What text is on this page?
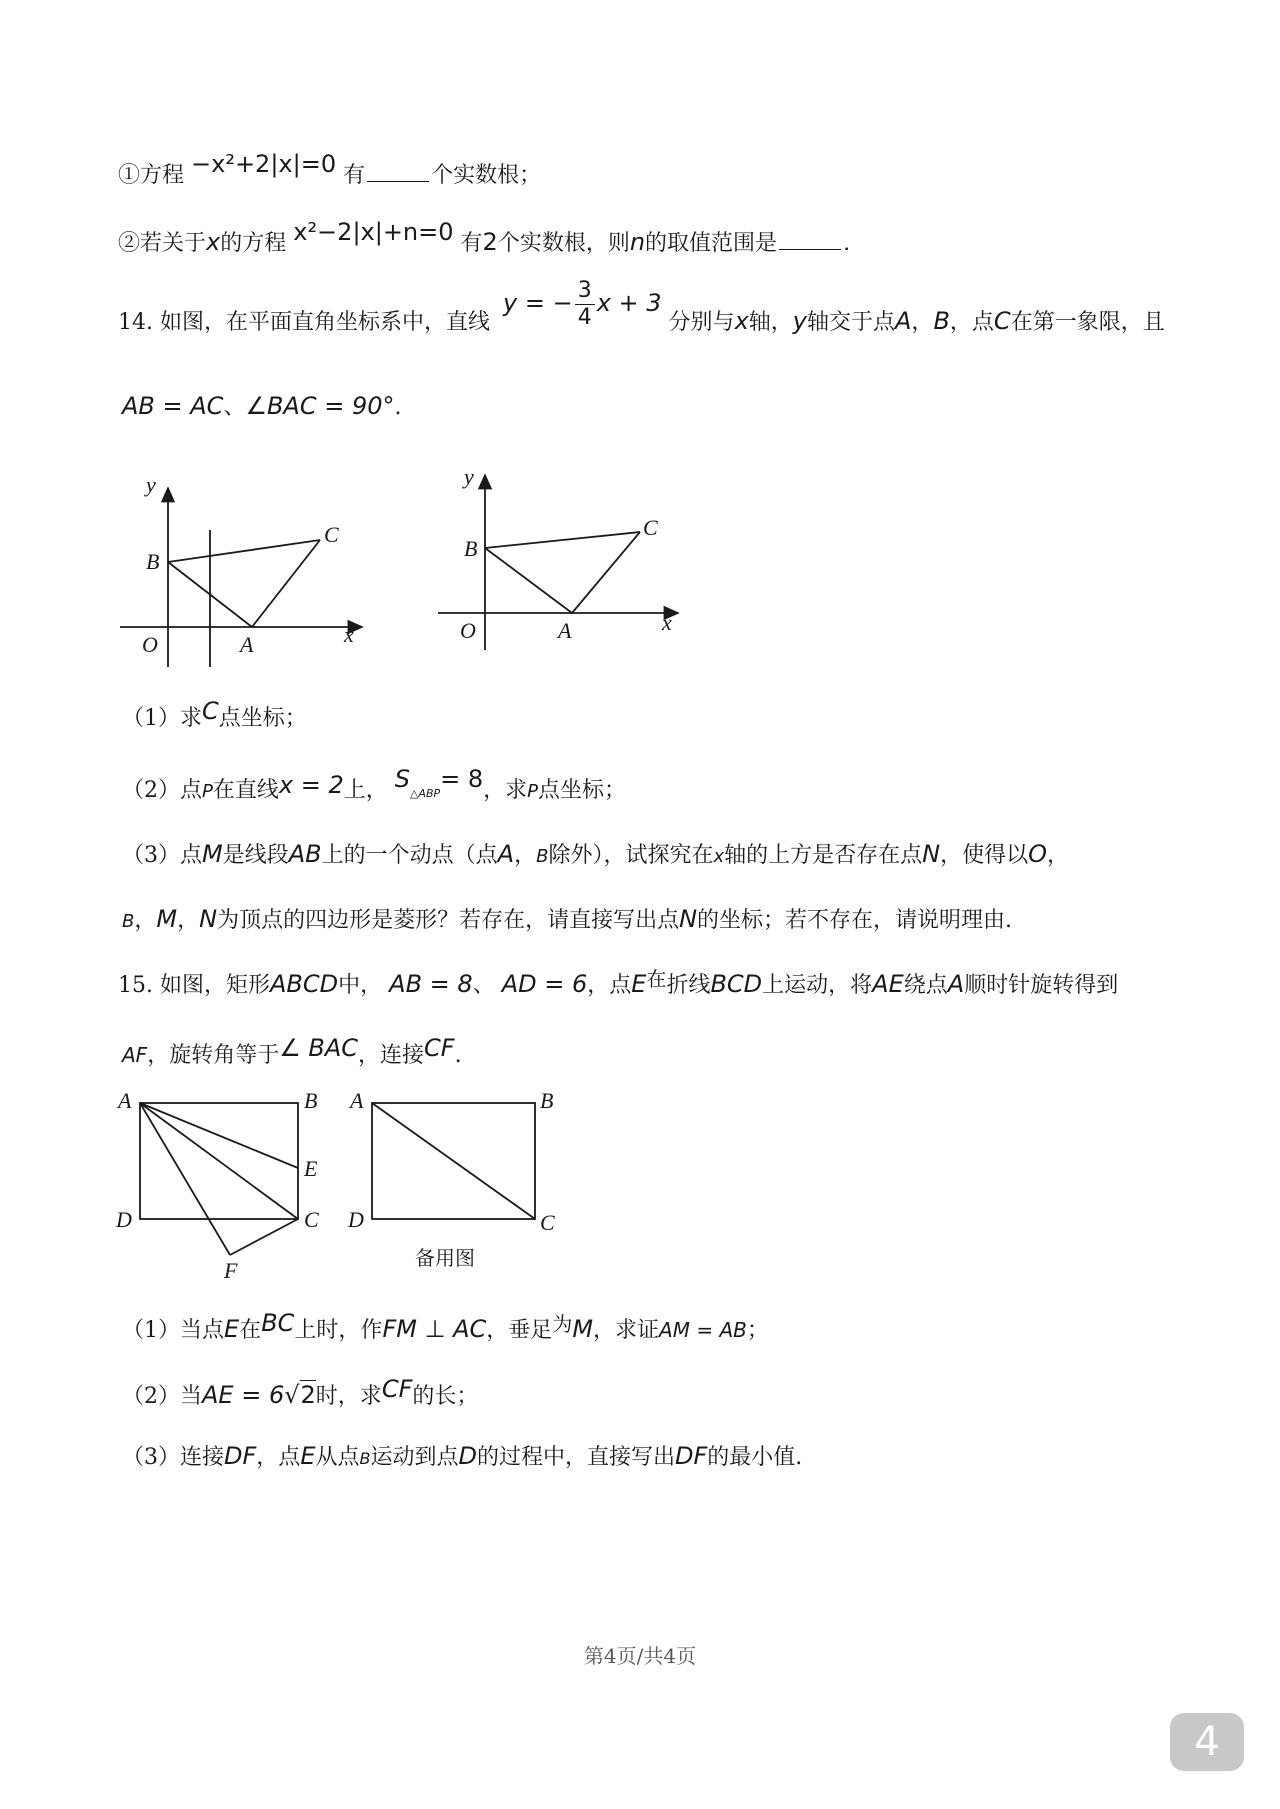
①方程 −x²+2|x|=0 有	个实数根；
②若关于x的方程 x²−2|x|+n=0 有2个实数根，则n的取值范围是	.
14. 如图，在平面直角坐标系中，直线 y = − $\frac{3}{4}$ x + 3 分别与x轴，y轴交于点A，B，点C在第一象限，且
AB = AC、∠BAC = 90°.
y
B
C
O	A	x
y
B
C
O	A	x
（1）求C点坐标；
（2）点P在直线x = 2上， S△ABP= 8，求P点坐标；
（3）点M是线段AB上的一个动点（点A，B除外），试探究在x轴的上方是否存在点N，使得以O，
B，M，N为顶点的四边形是菱形？若存在，请直接写出点N的坐标；若不存在，请说明理由.
15. 如图，矩形ABCD中， AB = 8、 AD = 6，点E在折线BCD上运动，将AE绕点A顺时针旋转得到
AF，旋转角等于∠ BAC，连接CF.
A	B
E
D	C
F
A	B
D	C
备用图
（1）当点E在BC上时，作FM ⊥ AC，垂足为M，求证AM = AB；
（2）当AE = 6√2时，求CF的长；
（3）连接DF，点E从点B运动到点D的过程中，直接写出DF的最小值.
第4页/共4页
4
